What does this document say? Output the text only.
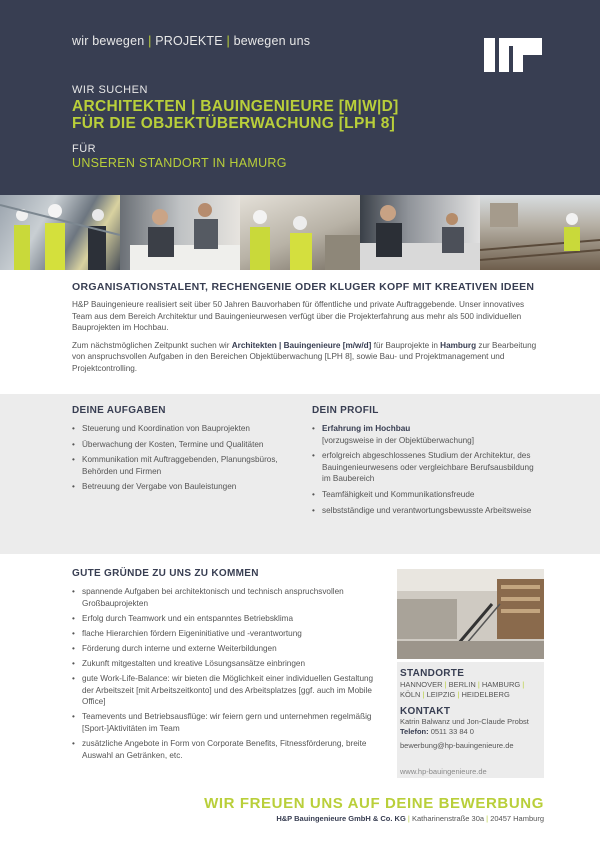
wir bewegen | PROJEKTE | bewegen uns
WIR SUCHEN
ARCHITEKTEN | BAUINGENIEURE [M|W|D]
FÜR DIE OBJEKTÜBERWACHUNG [LPH 8]
FÜR
UNSEREN STANDORT IN HAMURG
ORGANISATIONSTALENT, RECHENGENIE ODER KLUGER KOPF MIT KREATIVEN IDEEN

H&P Bauingenieure realisiert seit über 50 Jahren Bauvorhaben für öffentliche und private Auftraggebende. Unser innovatives Team aus dem Bereich Architektur und Bauingenieurwesen verfügt über die Projekterfahrung aus mehr als 500 individuellen Bauprojekten im Hochbau.

Zum nächstmöglichen Zeitpunkt suchen wir Architekten | Bauingenieure [m/w/d] für Bauprojekte in Hamburg zur Bearbeitung von anspruchsvollen Aufgaben in den Bereichen Objektüberwachung [LPH 8], sowie Bau- und Projektmanagement und Projektcontrolling.

DEINE AUFGABEN
• Steuerung und Koordination von Bauprojekten
• Überwachung der Kosten, Termine und Qualitäten
• Kommunikation mit Auftraggebenden, Planungsbüros, Behörden und Firmen
• Betreuung der Vergabe von Bauleistungen
DEIN PROFIL
• Erfahrung im Hochbau
[vorzugsweise in der Objektüberwachung]
• erfolgreich abgeschlossenes Studium der Architektur, des Bauingenieurwesens oder vergleichbare Berufsausbildung im Baubereich
• Teamfähigkeit und Kommunikationsfreude
• selbstständige und verantwortungsbewusste Arbeitsweise
GUTE GRÜNDE ZU UNS ZU KOMMEN
• spannende Aufgaben bei architektonisch und technisch anspruchsvollen Großbauprojekten
• Erfolg durch Teamwork und ein entspanntes Betriebsklima
• flache Hierarchien fördern Eigeninitiative und -verantwortung
• Förderung durch interne und externe Weiterbildungen
• Zukunft mitgestalten und kreative Lösungsansätze einbringen
• gute Work-Life-Balance: wir bieten die Möglichkeit einer individuellen Gestaltung der Arbeitszeit [mit Arbeitszeitkonto] und des Arbeitsplatzes [ggf. auch im Mobile Office]
• Teamevents und Betriebsausflüge: wir feiern gern und unternehmen regelmäßig [Sport-]Aktivitäten im Team
• zusätzliche Angebote in Form von Corporate Benefits, Fitnessförderung, breite Auswahl an Getränken, etc.
STANDORTE
HANNOVER | BERLIN | HAMBURG |
KÖLN | LEIPZIG | HEIDELBERG
KONTAKT
Katrin Balwanz und Jon-Claude Probst
Telefon: 0511 33 84 0
bewerbung@hp-bauingenieure.de
www.hp-bauingenieure.de
WIR FREUEN UNS AUF DEINE BEWERBUNG
H&P Bauingenieure GmbH & Co. KG | Katharinenstraße 30a | 20457 Hamburg
